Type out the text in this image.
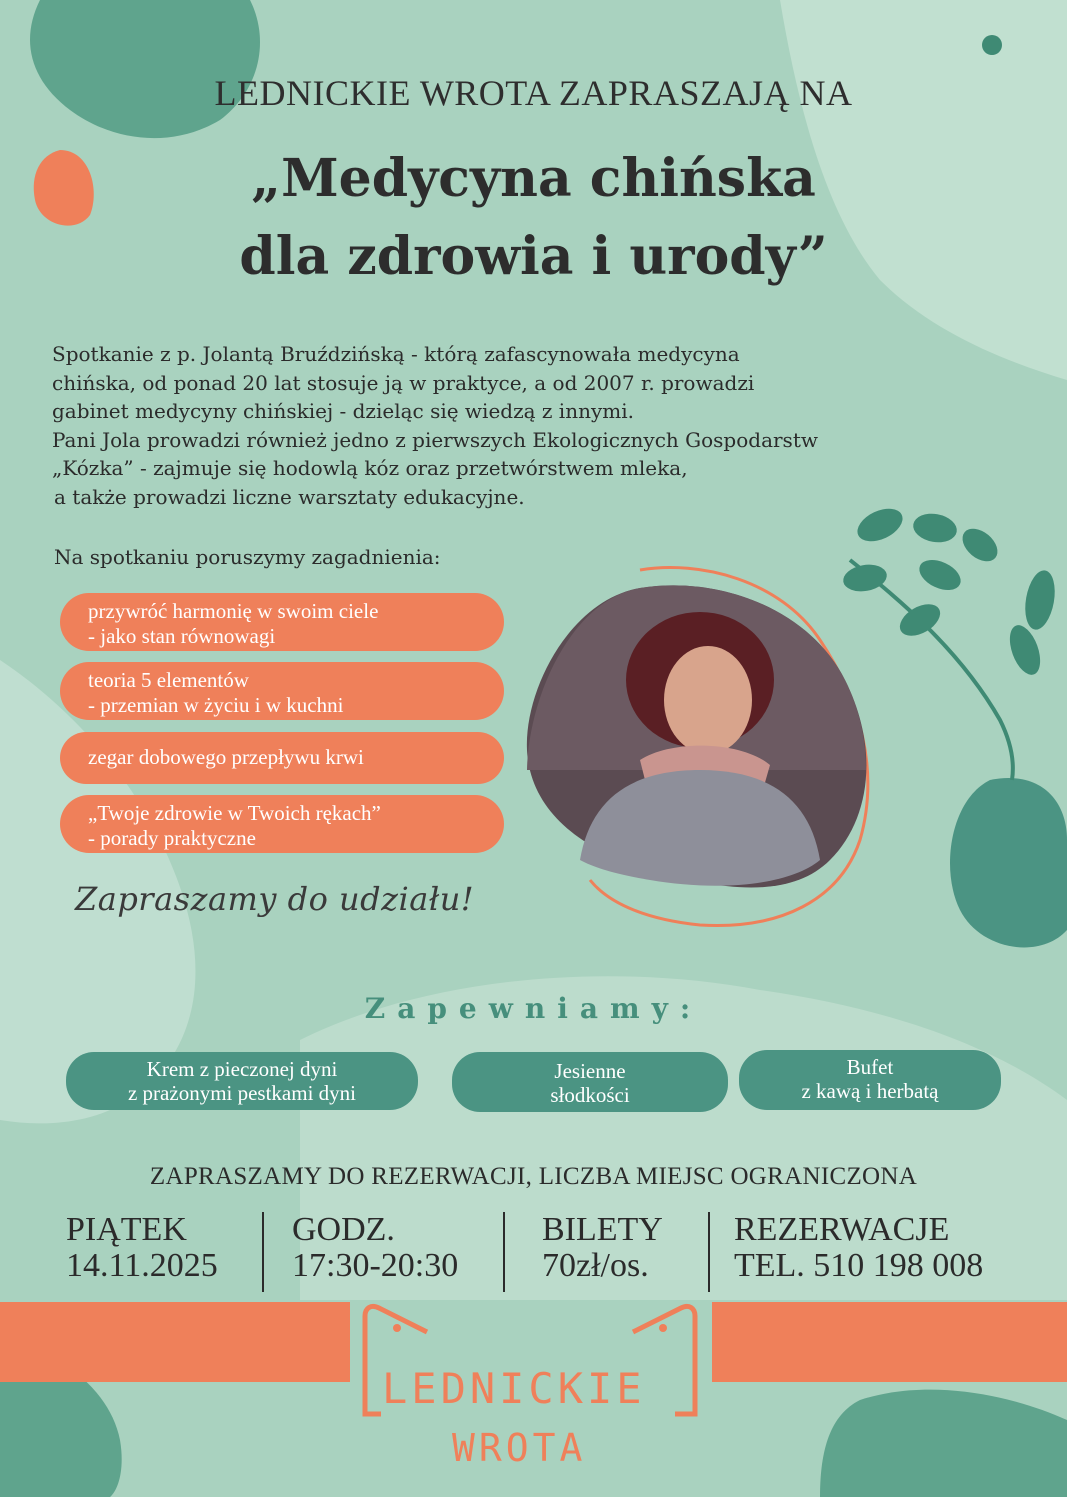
LEDNICKIE WROTA ZAPRASZAJĄ NA
„Medycyna chińska
dla zdrowia i urody”

Spotkanie z p. Jolantą Bruździńską - którą zafascynowała medycyna

chińska, od ponad 20 lat stosuje ją w praktyce, a od 2007 r. prowadzi

gabinet medycyny chińskiej - dzieląc się wiedzą z innymi.

Pani Jola prowadzi również jedno z pierwszych Ekologicznych Gospodarstw

„Kózka” - zajmuje się hodowlą kóz oraz przetwórstwem mleka,

a także prowadzi liczne warsztaty edukacyjne.

Na spotkaniu poruszymy zagadnienia:
przywróć harmonię w swoim ciele
- jako stan równowagi
teoria 5 elementów
- przemian w życiu i w kuchni
zegar dobowego przepływu krwi
„Twoje zdrowie w Twoich rękach”
- porady praktyczne
Zapraszamy do udziału!
Zapewniamy:
Krem z pieczonej dyni
z prażonymi pestkami dyni
Jesienne
słodkości
Bufet
z kawą i herbatą
ZAPRASZAMY DO REZERWACJI, LICZBA MIEJSC OGRANICZONA
PIĄTEK
14.11.2025
GODZ.
17:30-20:30
BILETY
70zł/os.
REZERWACJE
TEL. 510 198 008
LEDNICKIE
WROTA
